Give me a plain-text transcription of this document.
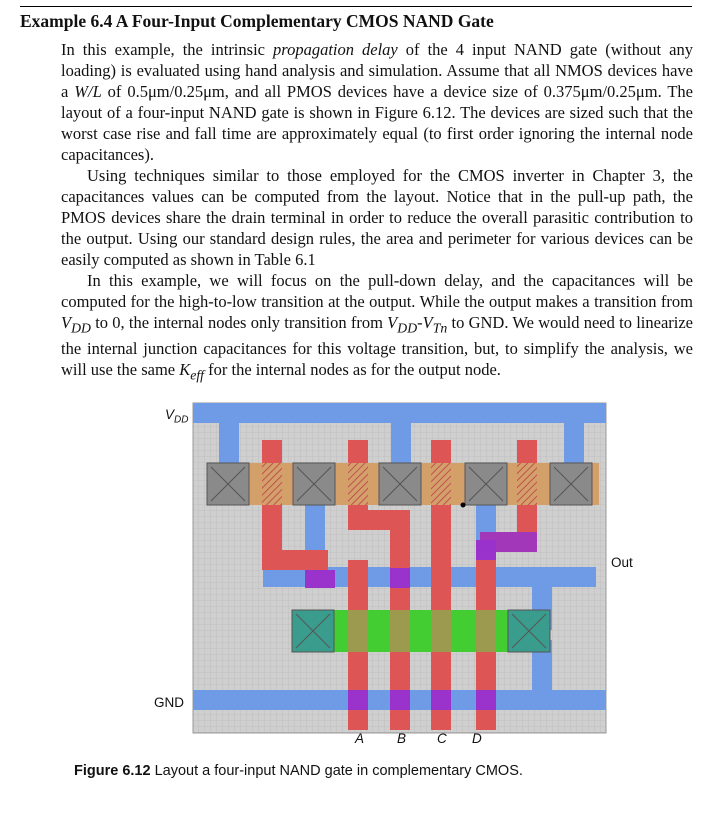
Example 6.4 A Four-Input Complementary CMOS NAND Gate

In this example, the intrinsic propagation delay of the 4 input NAND gate (without any loading) is evaluated using hand analysis and simulation. Assume that all NMOS devices have a W/L of 0.5μm/0.25μm, and all PMOS devices have a device size of 0.375μm/0.25μm. The layout of a four-input NAND gate is shown in Figure 6.12. The devices are sized such that the worst case rise and fall time are approximately equal (to first order ignoring the internal node capacitances).

Using techniques similar to those employed for the CMOS inverter in Chapter 3, the capacitances values can be computed from the layout. Notice that in the pull-up path, the PMOS devices share the drain terminal in order to reduce the overall parasitic contribution to the output. Using our standard design rules, the area and perimeter for various devices can be easily computed as shown in Table 6.1

In this example, we will focus on the pull-down delay, and the capacitances will be computed for the high-to-low transition at the output. While the output makes a transition from $V_{DD}$ to 0, the internal nodes only transition from $V_{DD}-V_{Tn}$ to GND. We would need to linearize the internal junction capacitances for this voltage transition, but, to simplify the analysis, we will use the same $K_{eff}$ for the internal nodes as for the output node.

$V_{DD}$
Out
GND
A B C D
Figure 6.12 Layout a four-input NAND gate in complementary CMOS.
